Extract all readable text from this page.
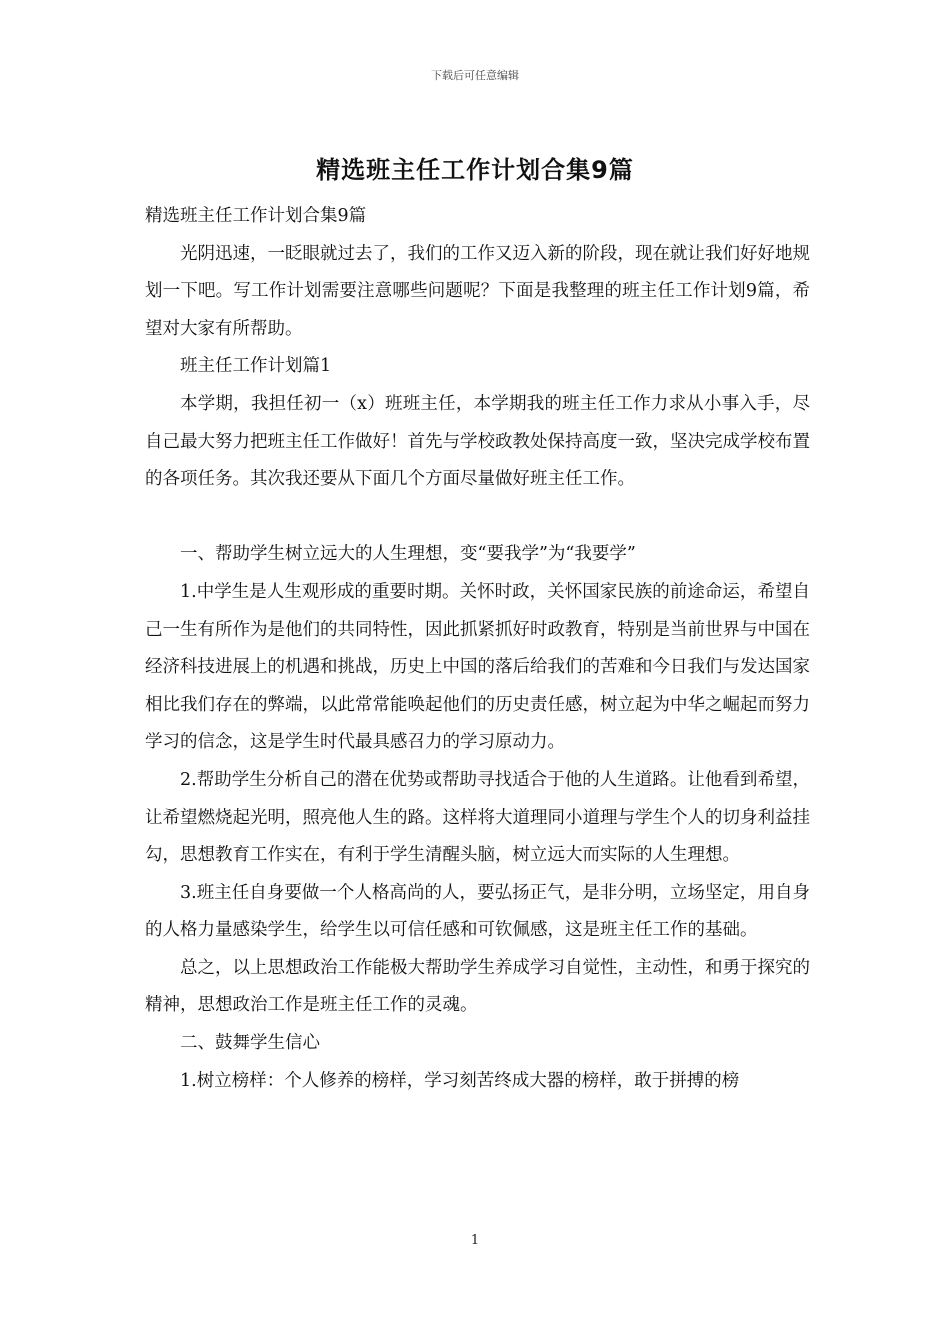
下载后可任意编辑
精选班主任工作计划合集9篇

精选班主任工作计划合集9篇

光阴迅速，一眨眼就过去了，我们的工作又迈入新的阶段，现在就让我们好好地规划一下吧。写工作计划需要注意哪些问题呢？下面是我整理的班主任工作计划9篇，希望对大家有所帮助。

班主任工作计划篇1

本学期，我担任初一（x）班班主任，本学期我的班主任工作力求从小事入手，尽自己最大努力把班主任工作做好！首先与学校政教处保持高度一致，坚决完成学校布置的各项任务。其次我还要从下面几个方面尽量做好班主任工作。

一、帮助学生树立远大的人生理想，变“要我学”为“我要学”

1.中学生是人生观形成的重要时期。关怀时政，关怀国家民族的前途命运，希望自己一生有所作为是他们的共同特性，因此抓紧抓好时政教育，特别是当前世界与中国在经济科技进展上的机遇和挑战，历史上中国的落后给我们的苦难和今日我们与发达国家相比我们存在的弊端，以此常常能唤起他们的历史责任感，树立起为中华之崛起而努力学习的信念，这是学生时代最具感召力的学习原动力。

2.帮助学生分析自己的潜在优势或帮助寻找适合于他的人生道路。让他看到希望，让希望燃烧起光明，照亮他人生的路。这样将大道理同小道理与学生个人的切身利益挂勾，思想教育工作实在，有利于学生清醒头脑，树立远大而实际的人生理想。

3.班主任自身要做一个人格高尚的人，要弘扬正气，是非分明，立场坚定，用自身的人格力量感染学生，给学生以可信任感和可钦佩感，这是班主任工作的基础。

总之，以上思想政治工作能极大帮助学生养成学习自觉性，主动性，和勇于探究的精神，思想政治工作是班主任工作的灵魂。

二、鼓舞学生信心

1.树立榜样：个人修养的榜样，学习刻苦终成大器的榜样，敢于拼搏的榜

1
